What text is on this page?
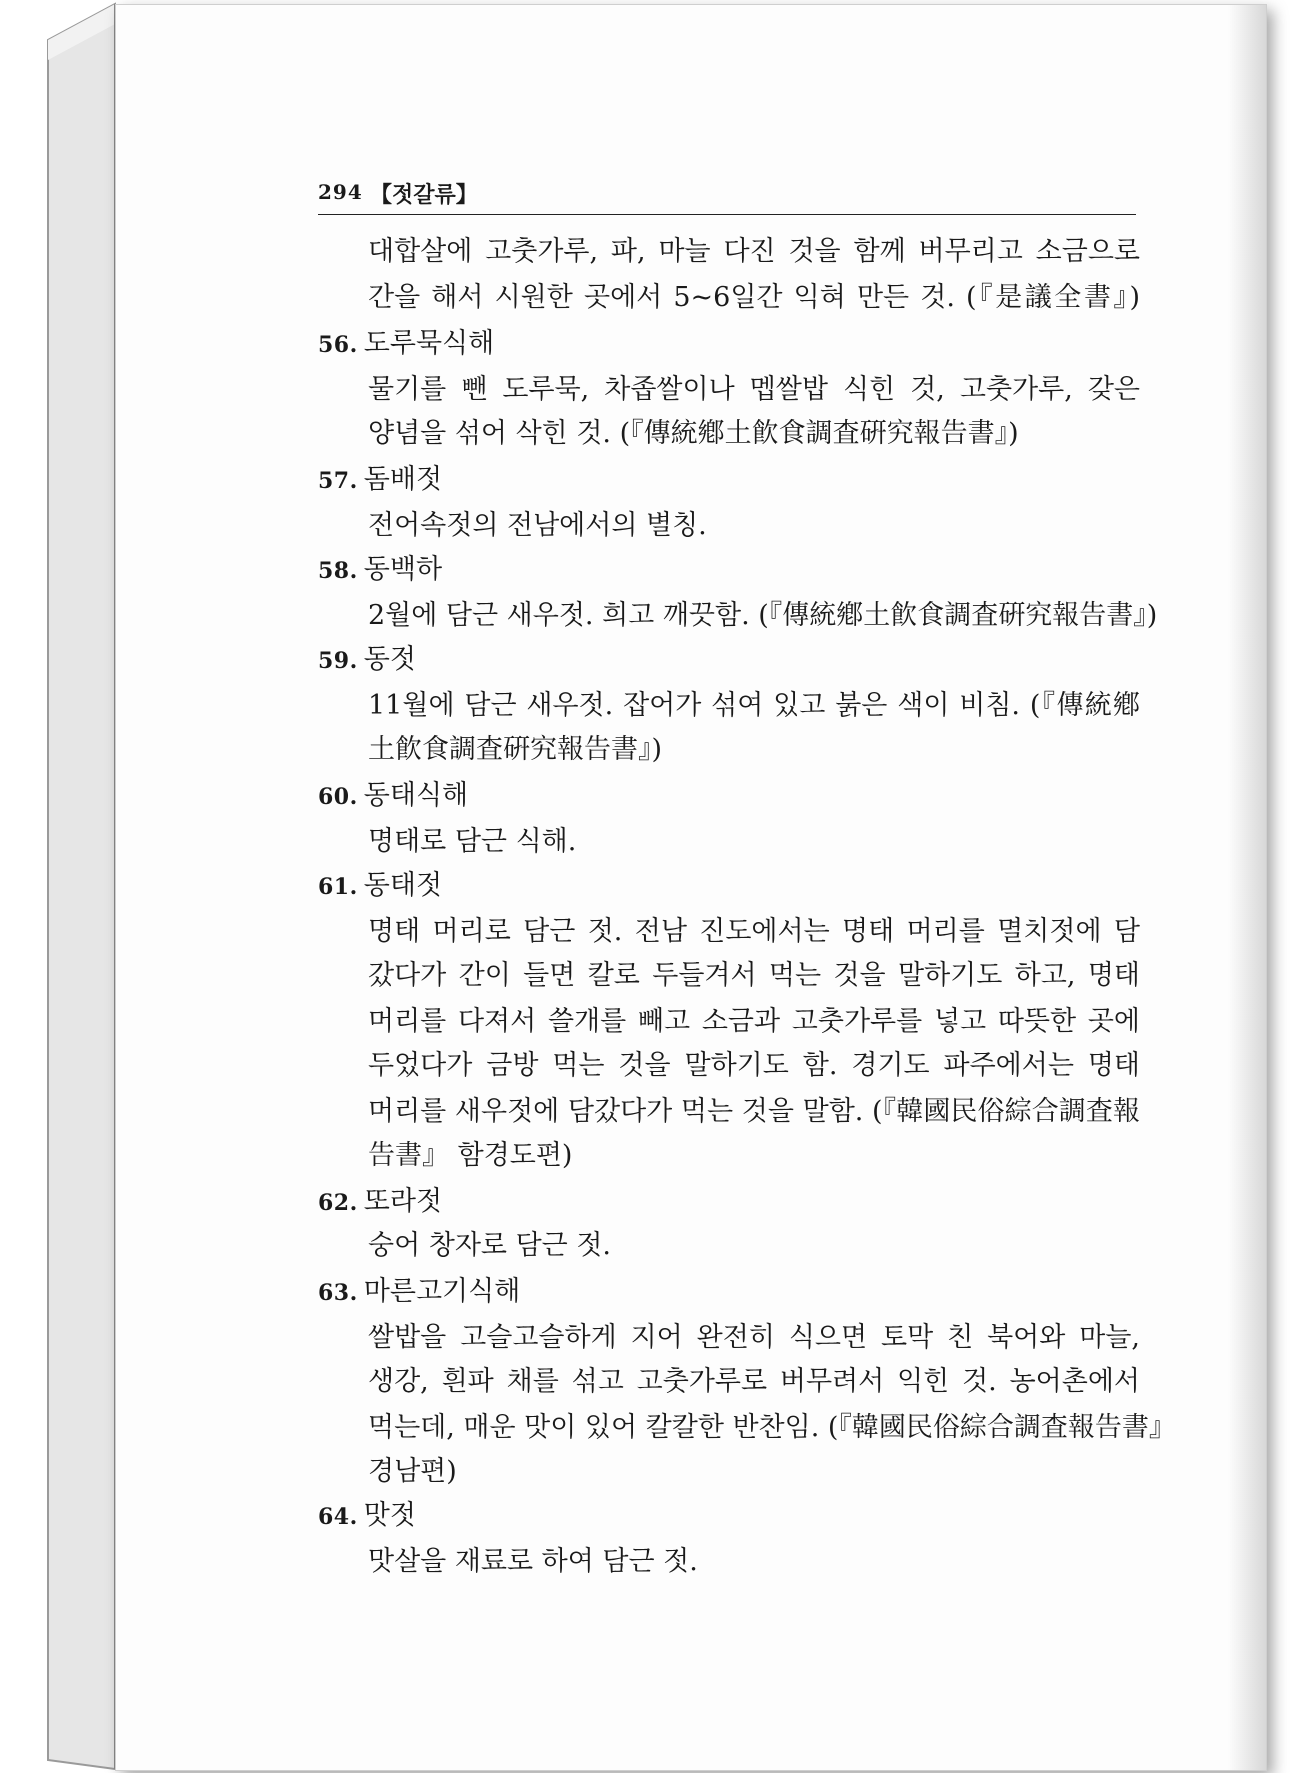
294 【젓갈류】
대합살에 고춧가루, 파, 마늘 다진 것을 함께 버무리고 소금으로
간을 해서 시원한 곳에서 5~6일간 익혀 만든 것. (『是議全書』)
56. 도루묵식해
물기를 뺀 도루묵, 차좁쌀이나 멥쌀밥 식힌 것, 고춧가루, 갖은
양념을 섞어 삭힌 것. (『傳統鄕土飮食調査硏究報告書』)
57. 돔배젓
전어속젓의 전남에서의 별칭.
58. 동백하
2월에 담근 새우젓. 희고 깨끗함. (『傳統鄕土飮食調査硏究報告書』)
59. 동젓
11월에 담근 새우젓. 잡어가 섞여 있고 붉은 색이 비침. (『傳統鄕
土飮食調査硏究報告書』)
60. 동태식해
명태로 담근 식해.
61. 동태젓
명태 머리로 담근 젓. 전남 진도에서는 명태 머리를 멸치젓에 담
갔다가 간이 들면 칼로 두들겨서 먹는 것을 말하기도 하고, 명태
머리를 다져서 쓸개를 빼고 소금과 고춧가루를 넣고 따뜻한 곳에
두었다가 금방 먹는 것을 말하기도 함. 경기도 파주에서는 명태
머리를 새우젓에 담갔다가 먹는 것을 말함. (『韓國民俗綜合調査報
告書』 함경도편)
62. 또라젓
숭어 창자로 담근 젓.
63. 마른고기식해
쌀밥을 고슬고슬하게 지어 완전히 식으면 토막 친 북어와 마늘,
생강, 흰파 채를 섞고 고춧가루로 버무려서 익힌 것. 농어촌에서
먹는데, 매운 맛이 있어 칼칼한 반찬임. (『韓國民俗綜合調査報告書』
경남편)
64. 맛젓
맛살을 재료로 하여 담근 젓.
